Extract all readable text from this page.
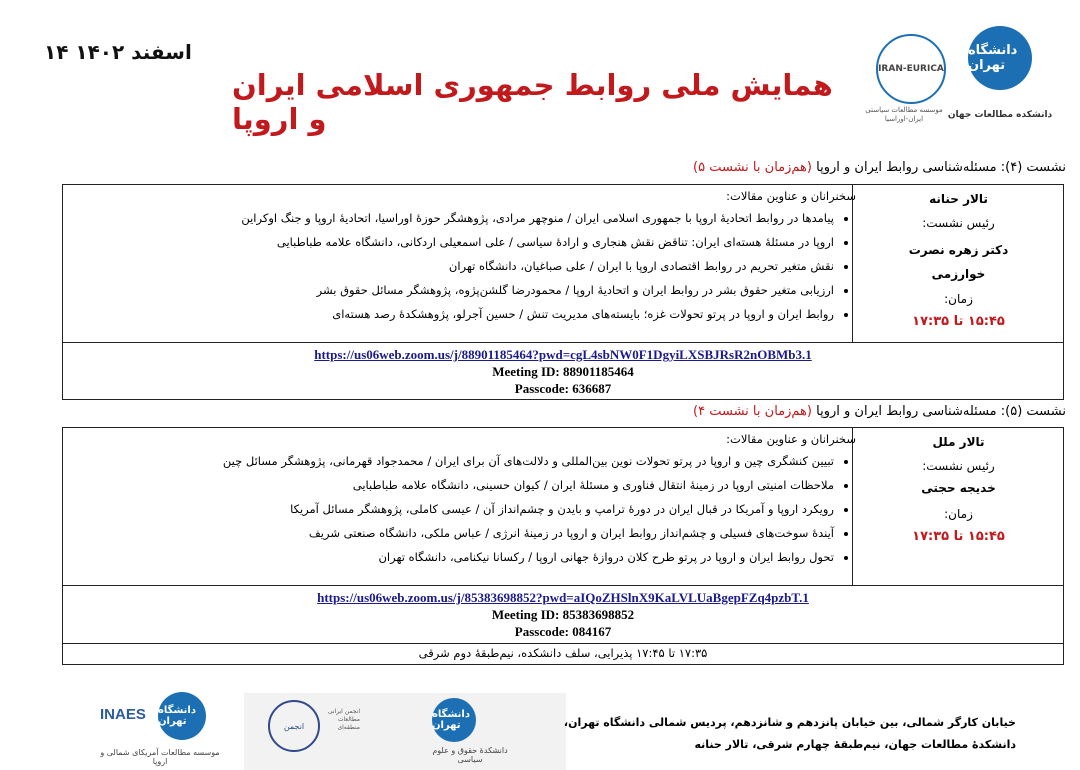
۱۴ اسفند ۱۴۰۲
همایش ملی روابط جمهوری اسلامی ایران و اروپا
دانشگاه تهران
دانشکده مطالعات جهان
IRAN-EURICA
موسسه مطالعات سیاستی ایران-اوراسیا
نشست (۴): مسئله‌شناسی روابط ایران و اروپا (هم‌زمان با نشست ۵)
تالار حنانه
رئیس نشست:
دکتر زهره نصرت خوارزمی
زمان:
۱۵:۴۵ تا ۱۷:۳۵
سخنرانان و عناوین مقالات:
• پیامدها در روابط اتحادیهٔ اروپا با جمهوری اسلامی ایران / منوچهر مرادی، پژوهشگر حوزهٔ اوراسیا، اتحادیهٔ اروپا و جنگ اوکراین
• اروپا در مسئلهٔ هسته‌ای ایران: تناقض نقش هنجاری و ارادهٔ سیاسی / علی اسمعیلی اردکانی، دانشگاه علامه طباطبایی
• نقش متغیر تحریم در روابط اقتصادی اروپا با ایران / علی صباغیان، دانشگاه تهران
• ارزیابی متغیر حقوق بشر در روابط ایران و اتحادیهٔ اروپا / محمودرضا گلشن‌پژوه، پژوهشگر مسائل حقوق بشر
• روابط ایران و اروپا در پرتو تحولات غزه؛ بایسته‌های مدیریت تنش / حسین آجرلو، پژوهشکدهٔ رصد هسته‌ای
https://us06web.zoom.us/j/88901185464?pwd=cgL4sbNW0F1DgyiLXSBJRsR2nOBMb3.1
Meeting ID: 88901185464
Passcode: 636687
نشست (۵): مسئله‌شناسی روابط ایران و اروپا (هم‌زمان با نشست ۴)
تالار ملل
رئیس نشست:
خدیجه حجتی
زمان:
۱۵:۴۵ تا ۱۷:۳۵
سخنرانان و عناوین مقالات:
• تبیین کنشگری چین و اروپا در پرتو تحولات نوین بین‌المللی و دلالت‌های آن برای ایران / محمدجواد قهرمانی، پژوهشگر مسائل چین
• ملاحظات امنیتی اروپا در زمینهٔ انتقال فناوری و مسئلهٔ ایران / کیوان حسینی، دانشگاه علامه طباطبایی
• رویکرد اروپا و آمریکا در قبال ایران در دورهٔ ترامپ و بایدن و چشم‌انداز آن / عیسی کاملی، پژوهشگر مسائل آمریکا
• آیندهٔ سوخت‌های فسیلی و چشم‌انداز روابط ایران و اروپا در زمینهٔ انرژی / عباس ملکی، دانشگاه صنعتی شریف
• تحول روابط ایران و اروپا در پرتو طرح کلان دروازهٔ جهانی اروپا / رکسانا نیکنامی، دانشگاه تهران
https://us06web.zoom.us/j/85383698852?pwd=aIQoZHSlnX9KaLVLUaBgepFZq4pzbT.1
Meeting ID: 85383698852
Passcode: 084167
۱۷:۳۵ تا ۱۷:۴۵ پذیرایی، سلف دانشکده، نیم‌طبقهٔ دوم شرقی
INAES	دانشگاه تهران
موسسه مطالعات آمریکای شمالی و اروپا
انجمن
انجمن ایرانی مطالعات منطقه‌ای
دانشگاه تهران
دانشکدهٔ حقوق و علوم سیاسی
خیابان کارگر شمالی، بین خیابان پانزدهم و شانزدهم، پردیس شمالی دانشگاه تهران،
دانشکدهٔ مطالعات جهان، نیم‌طبقهٔ چهارم شرقی، تالار حنانه
